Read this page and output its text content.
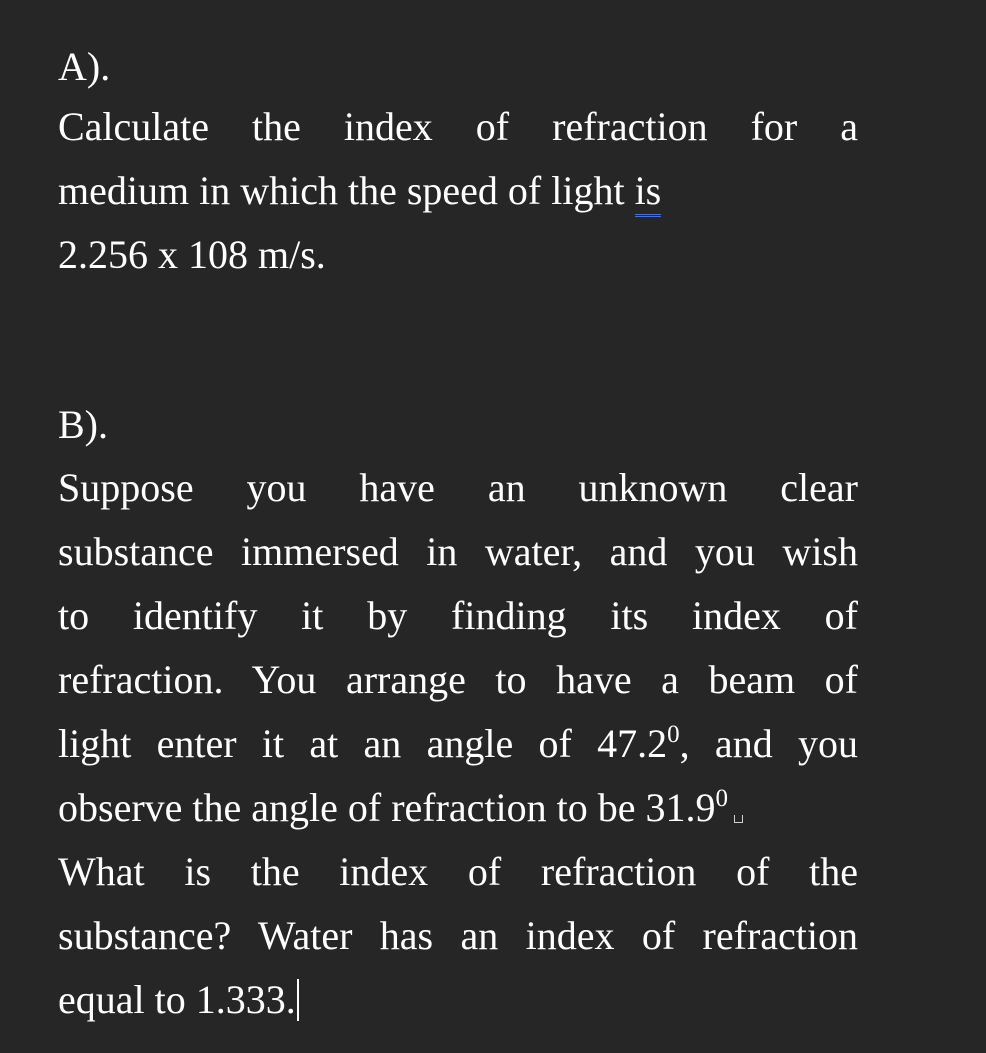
A).
Calculate the index of refraction for a
medium in which the speed of light is
2.256 x 108 m/s.
B).
Suppose you have an unknown clear
substance immersed in water, and you wish
to identify it by finding its index of
refraction. You arrange to have a beam of
light enter it at an angle of 47.2$^0$, and you
observe the angle of refraction to be 31.9$^0$
What is the index of refraction of the
substance? Water has an index of refraction
equal to 1.333.
